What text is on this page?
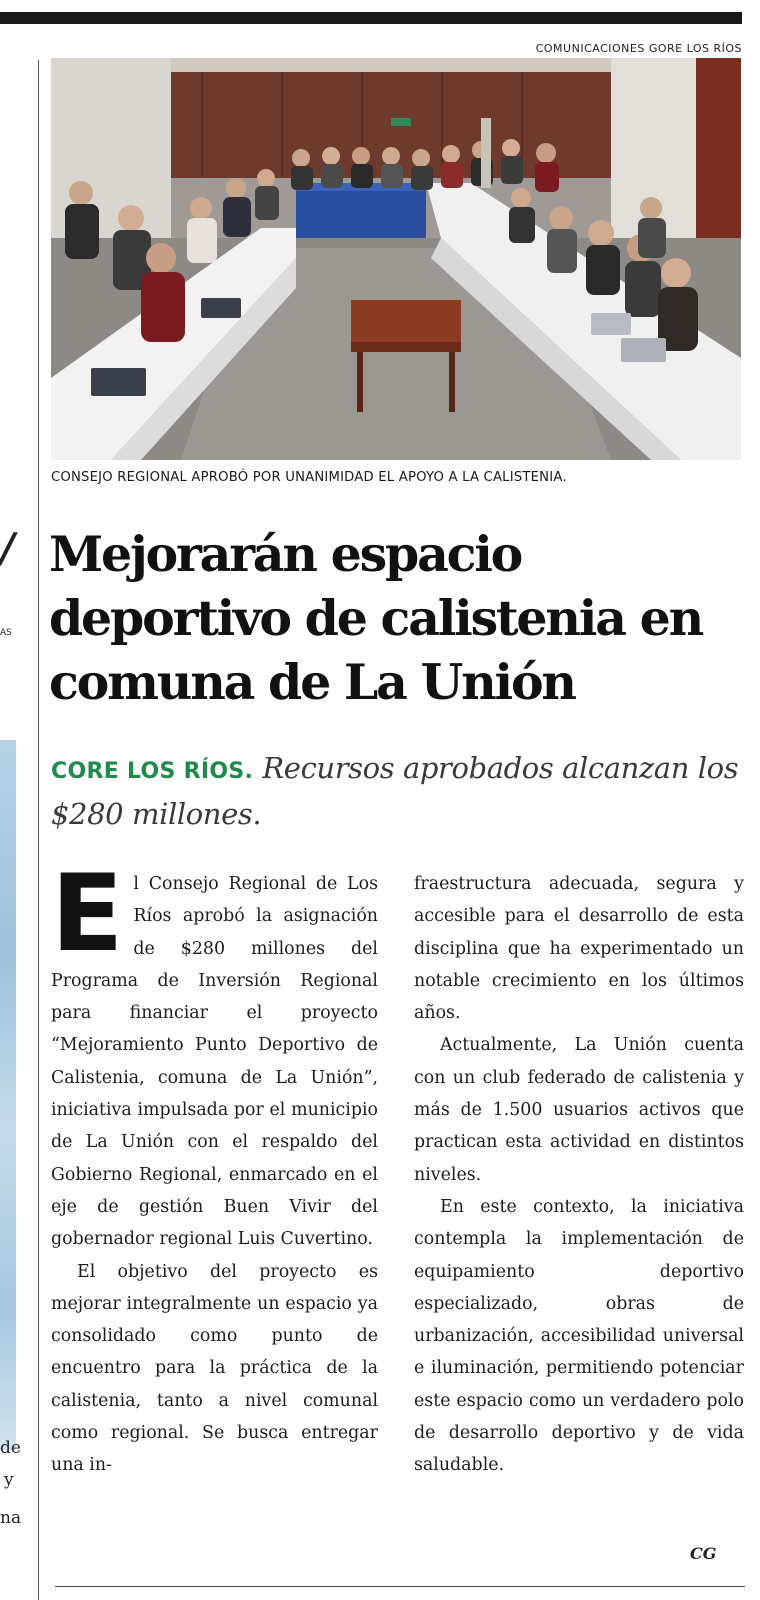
/
AS
de
y
na
COMUNICACIONES GORE LOS RÍOS
CONSEJO REGIONAL APROBÓ POR UNANIMIDAD EL APOYO A LA CALISTENIA.
Mejorarán espacio deportivo de calistenia en comuna de La Unión
CORE LOS RÍOS. Recursos aprobados alcanzan los $280 millones.

El Consejo Regional de Los Ríos aprobó la asignación de $280 millones del Programa de Inversión Regional para financiar el proyecto “Mejoramiento Punto Deportivo de Calistenia, comuna de La Unión”, iniciativa impulsada por el municipio de La Unión con el respaldo del Gobierno Regional, enmarcado en el eje de gestión Buen Vivir del gobernador regional Luis Cuvertino.

El objetivo del proyecto es mejorar integralmente un espacio ya consolidado como punto de encuentro para la práctica de la calistenia, tanto a nivel comunal como regional. Se busca entregar una in-

fraestructura adecuada, segura y accesible para el desarrollo de esta disciplina que ha experimentado un notable crecimiento en los últimos años.

Actualmente, La Unión cuenta con un club federado de calistenia y más de 1.500 usuarios activos que practican esta actividad en distintos niveles.

En este contexto, la iniciativa contempla la implementación de equipamiento deportivo especializado, obras de urbanización, accesibilidad universal e iluminación, permitiendo potenciar este espacio como un verdadero polo de desarrollo deportivo y de vida saludable.

CG
